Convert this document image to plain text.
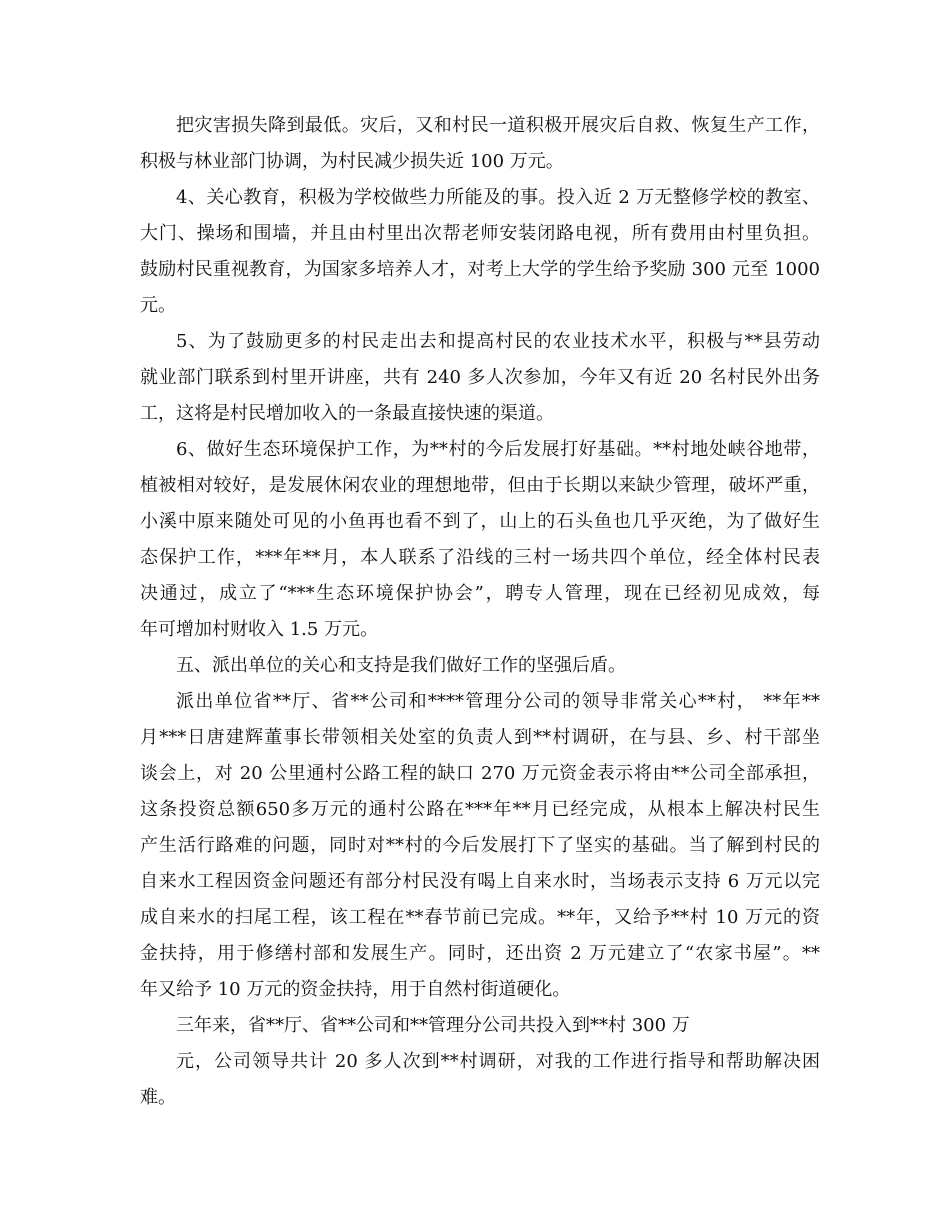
把灾害损失降到最低。灾后，又和村民一道积极开展灾后自救、恢复生产工作，
积极与林业部门协调，为村民减少损失近 100 万元。
4、关心教育，积极为学校做些力所能及的事。投入近 2 万无整修学校的教室、
大门、操场和围墙，并且由村里出次帮老师安装闭路电视，所有费用由村里负担。
鼓励村民重视教育，为国家多培养人才，对考上大学的学生给予奖励 300 元至 1000
元。
5、为了鼓励更多的村民走出去和提高村民的农业技术水平，积极与**县劳动
就业部门联系到村里开讲座，共有 240 多人次参加，今年又有近 20 名村民外出务
工，这将是村民增加收入的一条最直接快速的渠道。
6、做好生态环境保护工作，为**村的今后发展打好基础。**村地处峡谷地带，
植被相对较好，是发展休闲农业的理想地带，但由于长期以来缺少管理，破坏严重，
小溪中原来随处可见的小鱼再也看不到了，山上的石头鱼也几乎灭绝，为了做好生
态保护工作，***年**月，本人联系了沿线的三村一场共四个单位，经全体村民表
决通过，成立了“***生态环境保护协会”，聘专人管理，现在已经初见成效，每
年可增加村财收入 1.5 万元。
五、派出单位的关心和支持是我们做好工作的坚强后盾。
派出单位省**厅、省**公司和****管理分公司的领导非常关心**村， **年**
月***日唐建辉董事长带领相关处室的负责人到**村调研，在与县、乡、村干部坐
谈会上，对 20 公里通村公路工程的缺口 270 万元资金表示将由**公司全部承担，
这条投资总额650多万元的通村公路在***年**月已经完成，从根本上解决村民生
产生活行路难的问题，同时对**村的今后发展打下了坚实的基础。当了解到村民的
自来水工程因资金问题还有部分村民没有喝上自来水时，当场表示支持 6 万元以完
成自来水的扫尾工程，该工程在**春节前已完成。**年，又给予**村 10 万元的资
金扶持，用于修缮村部和发展生产。同时，还出资 2 万元建立了“农家书屋”。**
年又给予 10 万元的资金扶持，用于自然村街道硬化。
三年来，省**厅、省**公司和**管理分公司共投入到**村 300 万
元，公司领导共计 20 多人次到**村调研，对我的工作进行指导和帮助解决困
难。
